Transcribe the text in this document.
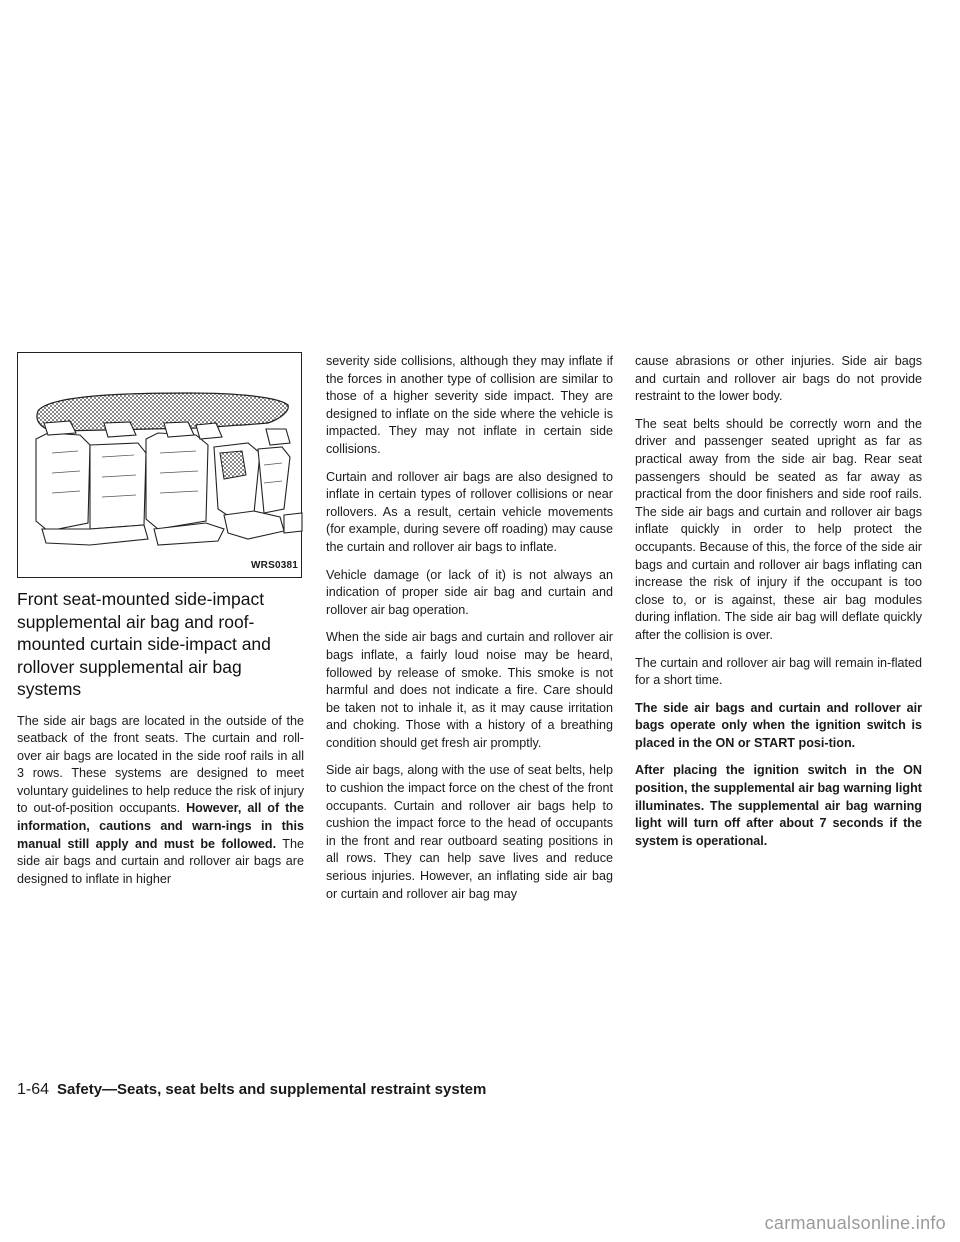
WRS0381
Front seat-mounted side-impact supplemental air bag and roof-mounted curtain side-impact and rollover supplemental air bag systems

The side air bags are located in the outside of the seatback of the front seats. The curtain and roll-over air bags are located in the side roof rails in all 3 rows. These systems are designed to meet voluntary guidelines to help reduce the risk of injury to out-of-position occupants. However, all of the information, cautions and warn-ings in this manual still apply and must be followed. The side air bags and curtain and rollover air bags are designed to inflate in higher

severity side collisions, although they may inflate if the forces in another type of collision are similar to those of a higher severity side impact. They are designed to inflate on the side where the vehicle is impacted. They may not inflate in certain side collisions.

Curtain and rollover air bags are also designed to inflate in certain types of rollover collisions or near rollovers. As a result, certain vehicle movements (for example, during severe off roading) may cause the curtain and rollover air bags to inflate.

Vehicle damage (or lack of it) is not always an indication of proper side air bag and curtain and rollover air bag operation.

When the side air bags and curtain and rollover air bags inflate, a fairly loud noise may be heard, followed by release of smoke. This smoke is not harmful and does not indicate a fire. Care should be taken not to inhale it, as it may cause irritation and choking. Those with a history of a breathing condition should get fresh air promptly.

Side air bags, along with the use of seat belts, help to cushion the impact force on the chest of the front occupants. Curtain and rollover air bags help to cushion the impact force to the head of occupants in the front and rear outboard seating positions in all rows. They can help save lives and reduce serious injuries. However, an inflating side air bag or curtain and rollover air bag may

cause abrasions or other injuries. Side air bags and curtain and rollover air bags do not provide restraint to the lower body.

The seat belts should be correctly worn and the driver and passenger seated upright as far as practical away from the side air bag. Rear seat passengers should be seated as far away as practical from the door finishers and side roof rails. The side air bags and curtain and rollover air bags inflate quickly in order to help protect the occupants. Because of this, the force of the side air bags and curtain and rollover air bags inflating can increase the risk of injury if the occupant is too close to, or is against, these air bag modules during inflation. The side air bag will deflate quickly after the collision is over.

The curtain and rollover air bag will remain in-flated for a short time.

The side air bags and curtain and rollover air bags operate only when the ignition switch is placed in the ON or START posi-tion.

After placing the ignition switch in the ON position, the supplemental air bag warning light illuminates. The supplemental air bag warning light will turn off after about 7 seconds if the system is operational.

1-64 Safety—Seats, seat belts and supplemental restraint system
carmanualsonline.info
